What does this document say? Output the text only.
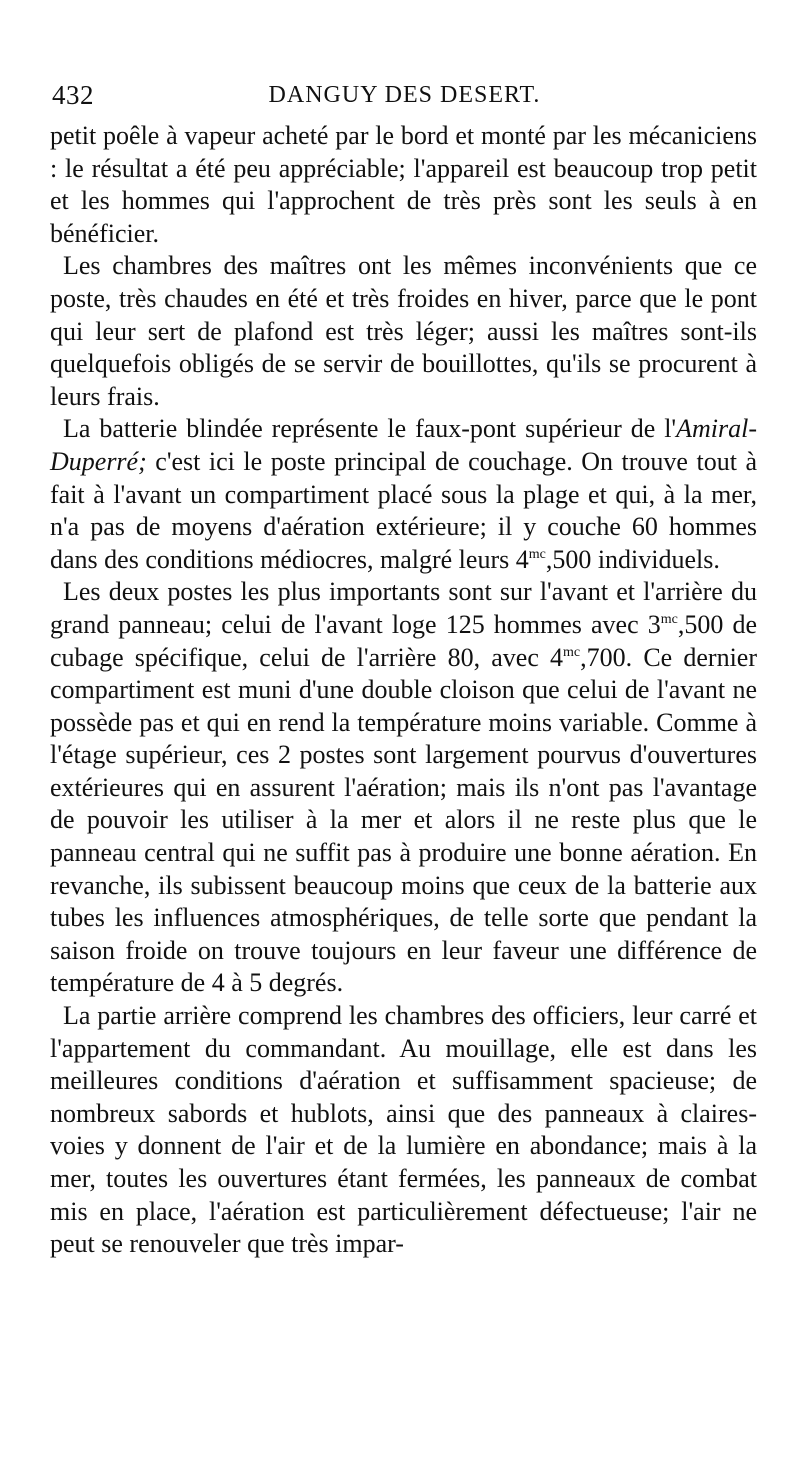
432	DANGUY DES DESERT.

petit poêle à vapeur acheté par le bord et monté par les mécaniciens : le résultat a été peu appréciable; l'appareil est beaucoup trop petit et les hommes qui l'approchent de très près sont les seuls à en bénéficier.

Les chambres des maîtres ont les mêmes inconvénients que ce poste, très chaudes en été et très froides en hiver, parce que le pont qui leur sert de plafond est très léger; aussi les maîtres sont-ils quelquefois obligés de se servir de bouillottes, qu'ils se procurent à leurs frais.

La batterie blindée représente le faux-pont supérieur de l'Amiral-Duperré; c'est ici le poste principal de couchage. On trouve tout à fait à l'avant un compartiment placé sous la plage et qui, à la mer, n'a pas de moyens d'aération extérieure; il y couche 60 hommes dans des conditions médiocres, malgré leurs $4^{mc},500$ individuels.

Les deux postes les plus importants sont sur l'avant et l'arrière du grand panneau; celui de l'avant loge 125 hommes avec $3^{mc},500$ de cubage spécifique, celui de l'arrière 80, avec $4^{mc},700$. Ce dernier compartiment est muni d'une double cloison que celui de l'avant ne possède pas et qui en rend la température moins variable. Comme à l'étage supérieur, ces 2 postes sont largement pourvus d'ouvertures extérieures qui en assurent l'aération; mais ils n'ont pas l'avantage de pouvoir les utiliser à la mer et alors il ne reste plus que le panneau central qui ne suffit pas à produire une bonne aération. En revanche, ils subissent beaucoup moins que ceux de la batterie aux tubes les influences atmosphériques, de telle sorte que pendant la saison froide on trouve toujours en leur faveur une différence de température de 4 à 5 degrés.

La partie arrière comprend les chambres des officiers, leur carré et l'appartement du commandant. Au mouillage, elle est dans les meilleures conditions d'aération et suffisamment spacieuse; de nombreux sabords et hublots, ainsi que des panneaux à claires-voies y donnent de l'air et de la lumière en abondance; mais à la mer, toutes les ouvertures étant fermées, les panneaux de combat mis en place, l'aération est particulièrement défectueuse; l'air ne peut se renouveler que très impar-
